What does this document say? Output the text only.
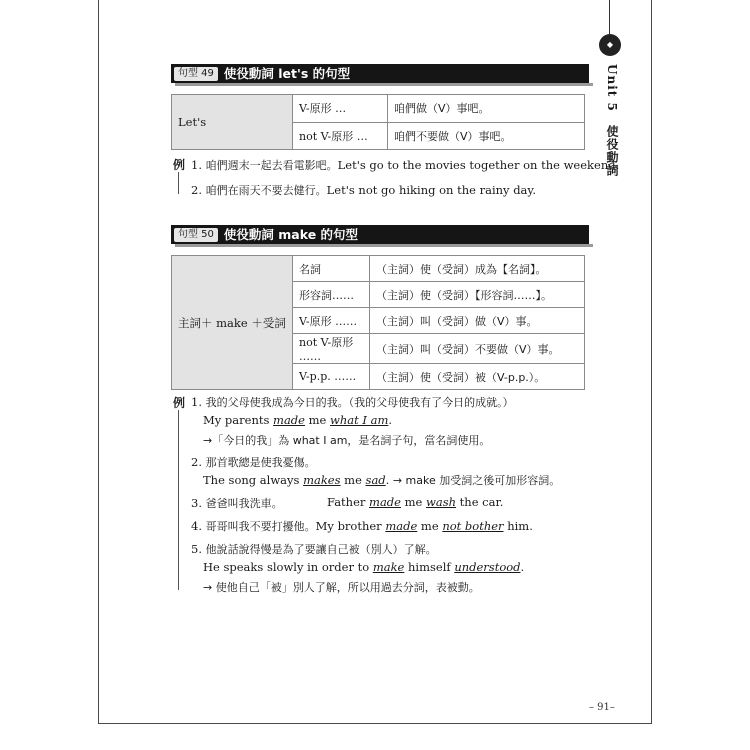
◆
Unit 5　使役動詞
句型 49 使役動詞 let's 的句型
Let's	V-原形 …	咱們做（V）事吧。
	not V-原形 …	咱們不要做（V）事吧。
例 1. 咱們週末一起去看電影吧。Let's go to the movies together on the weekend.
2. 咱們在雨天不要去健行。Let's not go hiking on the rainy day.
句型 50 使役動詞 make 的句型
主詞＋ make ＋受詞	名詞	（主詞）使（受詞）成為【名詞】。
	形容詞……	（主詞）使（受詞）【形容詞……】。
	V-原形 ……	（主詞）叫（受詞）做（V）事。
	not V-原形 ……	（主詞）叫（受詞）不要做（V）事。
	V-p.p. ……	（主詞）使（受詞）被（V-p.p.）。
例 1. 我的父母使我成為今日的我。（我的父母使我有了今日的成就。）
My parents made me what I am.
→「今日的我」為 what I am，是名詞子句，當名詞使用。
2. 那首歌總是使我憂傷。
The song always makes me sad. → make 加受詞之後可加形容詞。
3. 爸爸叫我洗車。	Father made me wash the car.
4. 哥哥叫我不要打擾他。My brother made me not bother him.
5. 他說話說得慢是為了要讓自己被（別人）了解。
He speaks slowly in order to make himself understood.
→ 使他自己「被」別人了解，所以用過去分詞，表被動。
– 91–
